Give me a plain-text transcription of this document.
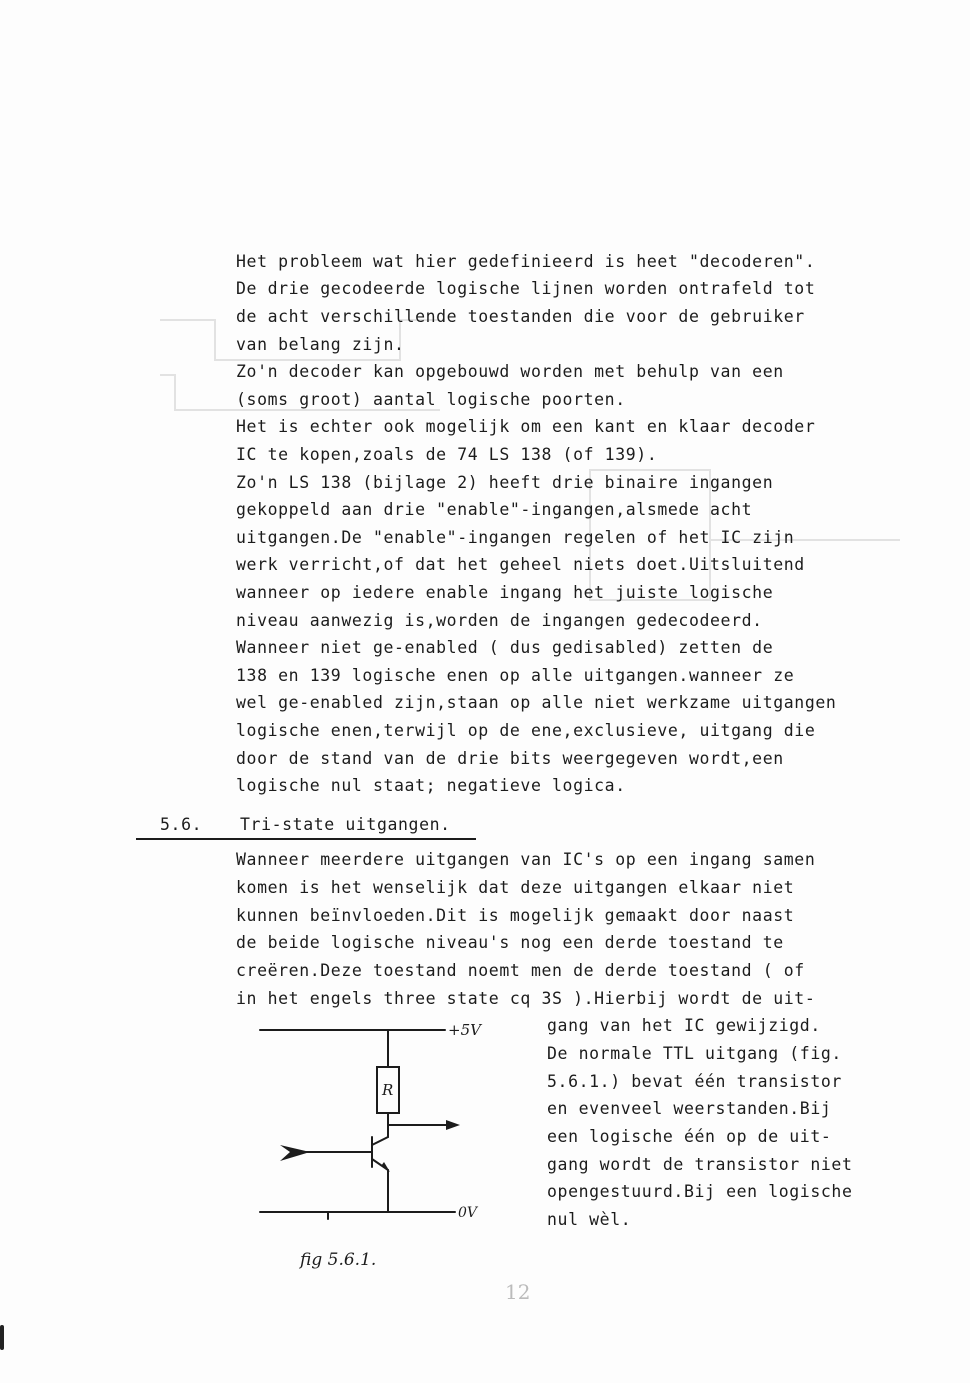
Het probleem wat hier gedefinieerd is heet "decoderen".
De drie gecodeerde logische lijnen worden ontrafeld tot
de acht verschillende toestanden die voor de gebruiker
van belang zijn.
Zo'n decoder kan opgebouwd worden met behulp van een
(soms groot) aantal logische poorten.
Het is echter ook mogelijk om een kant en klaar decoder
IC te kopen,zoals de 74 LS 138 (of 139).
Zo'n LS 138 (bijlage 2) heeft drie binaire ingangen
gekoppeld aan drie "enable"-ingangen,alsmede acht
uitgangen.De "enable"-ingangen regelen of het IC zijn
werk verricht,of dat het geheel niets doet.Uitsluitend
wanneer op iedere enable ingang het juiste logische
niveau aanwezig is,worden de ingangen gedecodeerd.
Wanneer niet ge-enabled ( dus gedisabled) zetten de
138 en 139 logische enen op alle uitgangen.wanneer ze
wel ge-enabled zijn,staan op alle niet werkzame uitgangen
logische enen,terwijl op de ene,exclusieve, uitgang die
door de stand van de drie bits weergegeven wordt,een
logische nul staat; negatieve logica.
5.6. Tri-state uitgangen.
Wanneer meerdere uitgangen van IC's op een ingang samen
komen is het wenselijk dat deze uitgangen elkaar niet
kunnen beïnvloeden.Dit is mogelijk gemaakt door naast
de beide logische niveau's nog een derde toestand te
creëren.Deze toestand noemt men de derde toestand ( of
in het engels three state cq 3S ).Hierbij wordt de uit-
gang van het IC gewijzigd.
De normale TTL uitgang (fig.
5.6.1.) bevat één transistor
en evenveel weerstanden.Bij
een logische één op de uit-
gang wordt de transistor niet
opengestuurd.Bij een logische
nul wèl.
+5V
R
0V
fig 5.6.1.
12
